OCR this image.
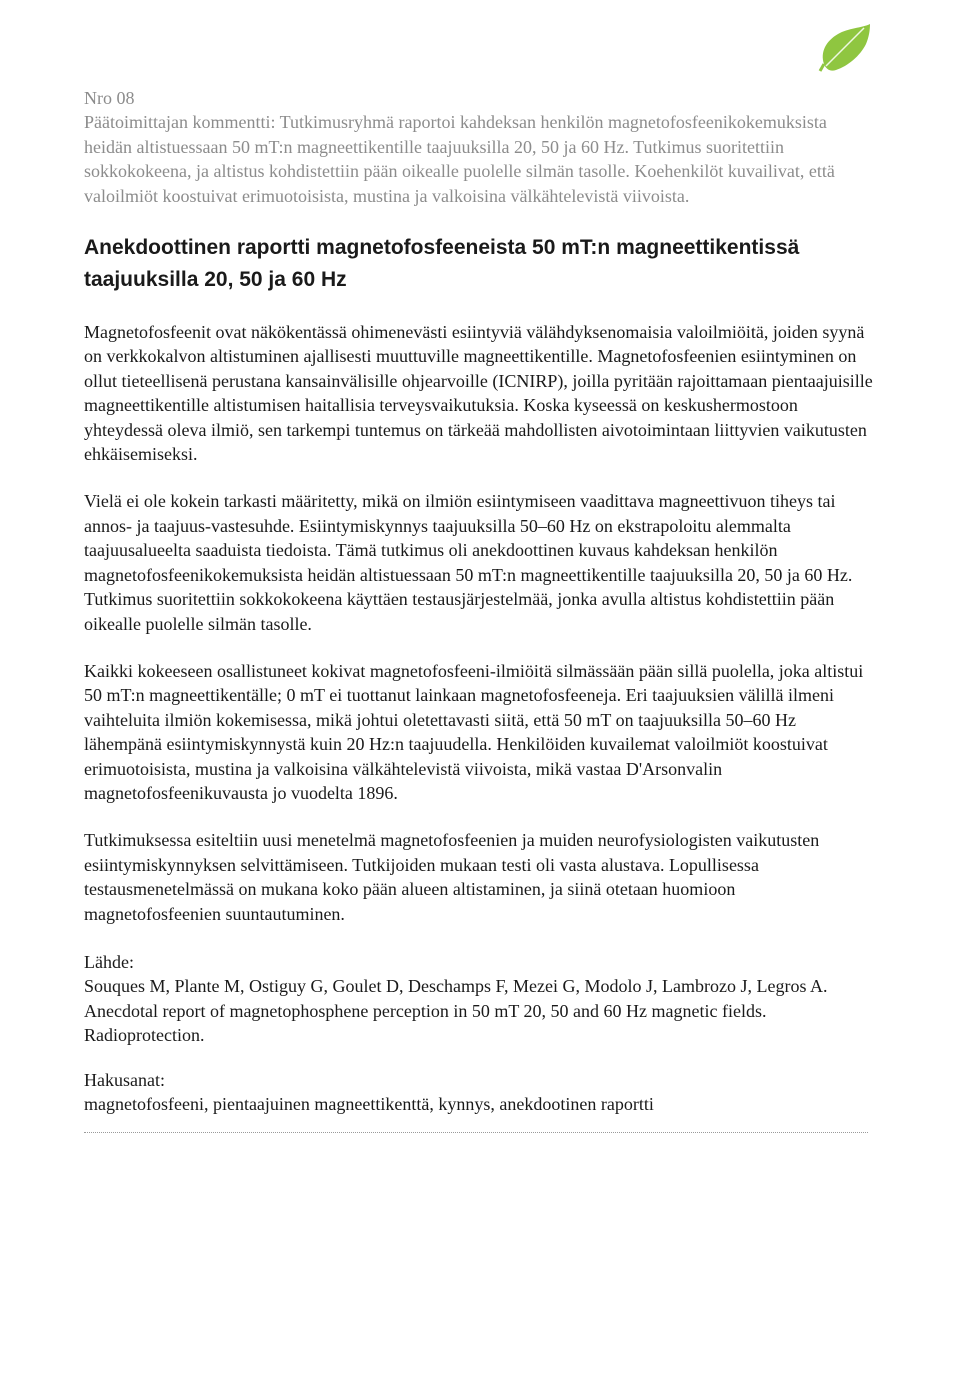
Nro 08

Päätoimittajan kommentti: Tutkimusryhmä raportoi kahdeksan henkilön magnetofosfeenikokemuksista heidän altistuessaan 50 mT:n magneettikentille taajuuksilla 20, 50 ja 60 Hz. Tutkimus suoritettiin sokkokokeena, ja altistus kohdistettiin pään oikealle puolelle silmän tasolle. Koehenkilöt kuvailivat, että valoilmiöt koostuivat erimuotoisista, mustina ja valkoisina välkähtelevistä viivoista.

Anekdoottinen raportti magnetofosfeeneista 50 mT:n magneettikentissä taajuuksilla 20, 50 ja 60 Hz

Magnetofosfeenit ovat näkökentässä ohimenevästi esiintyviä välähdyksenomaisia valoilmiöitä, joiden syynä on verkkokalvon altistuminen ajallisesti muuttuville magneettikentille. Magnetofosfeenien esiintyminen on ollut tieteellisenä perustana kansainvälisille ohjearvoille (ICNIRP), joilla pyritään rajoittamaan pientaajuisille magneettikentille altistumisen haitallisia terveysvaikutuksia. Koska kyseessä on keskushermostoon yhteydessä oleva ilmiö, sen tarkempi tuntemus on tärkeää mahdollisten aivotoimintaan liittyvien vaikutusten ehkäisemiseksi.

Vielä ei ole kokein tarkasti määritetty, mikä on ilmiön esiintymiseen vaadittava magneettivuon tiheys tai annos- ja taajuus-vastesuhde. Esiintymiskynnys taajuuksilla 50–60 Hz on ekstrapoloitu alemmalta taajuusalueelta saaduista tiedoista. Tämä tutkimus oli anekdoottinen kuvaus kahdeksan henkilön magnetofosfeenikokemuksista heidän altistuessaan 50 mT:n magneettikentille taajuuksilla 20, 50 ja 60 Hz. Tutkimus suoritettiin sokkokokeena käyttäen testausjärjestelmää, jonka avulla altistus kohdistettiin pään oikealle puolelle silmän tasolle.

Kaikki kokeeseen osallistuneet kokivat magnetofosfeeni-ilmiöitä silmässään pään sillä puolella, joka altistui 50 mT:n magneettikentälle; 0 mT ei tuottanut lainkaan magnetofosfeeneja. Eri taajuuksien välillä ilmeni vaihteluita ilmiön kokemisessa, mikä johtui oletettavasti siitä, että 50 mT on taajuuksilla 50–60 Hz lähempänä esiintymiskynnystä kuin 20 Hz:n taajuudella. Henkilöiden kuvailemat valoilmiöt koostuivat erimuotoisista, mustina ja valkoisina välkähtelevistä viivoista, mikä vastaa D'Arsonvalin magnetofosfeenikuvausta jo vuodelta 1896.

Tutkimuksessa esiteltiin uusi menetelmä magnetofosfeenien ja muiden neurofysiologisten vaikutusten esiintymiskynnyksen selvittämiseen. Tutkijoiden mukaan testi oli vasta alustava. Lopullisessa testausmenetelmässä on mukana koko pään alueen altistaminen, ja siinä otetaan huomioon magnetofosfeenien suuntautuminen.

Lähde:

Souques M, Plante M, Ostiguy G, Goulet D, Deschamps F, Mezei G, Modolo J, Lambrozo J, Legros A. Anecdotal report of magnetophosphene perception in 50 mT 20, 50 and 60 Hz magnetic fields. Radioprotection.

Hakusanat:

magnetofosfeeni, pientaajuinen magneettikenttä, kynnys, anekdootinen raportti
